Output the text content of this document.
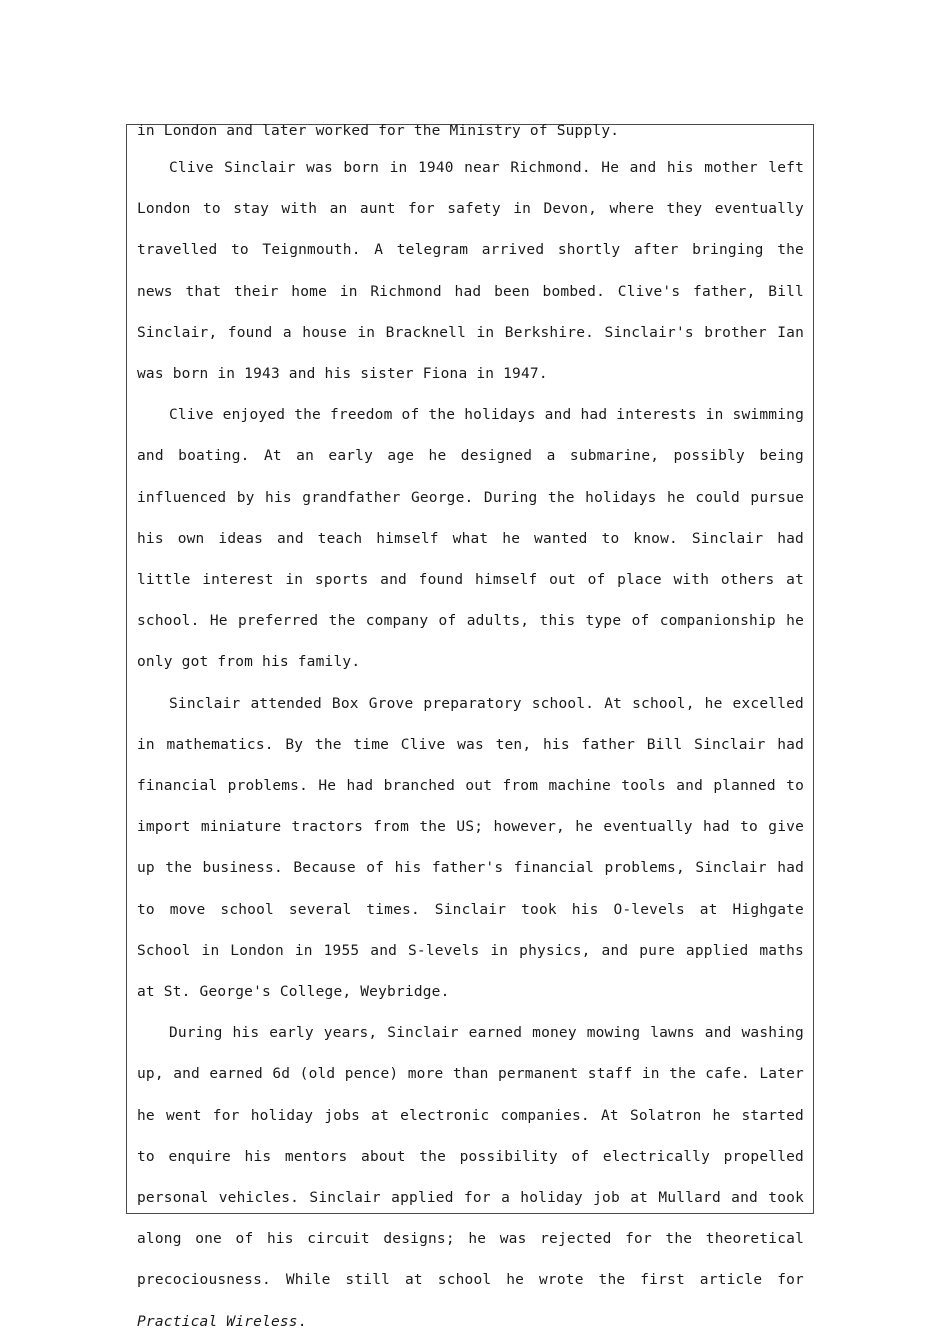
in London and later worked for the Ministry of Supply.

Clive Sinclair was born in 1940 near Richmond. He and his mother left London to stay with an aunt for safety in Devon, where they eventually travelled to Teignmouth. A telegram arrived shortly after bringing the news that their home in Richmond had been bombed. Clive's father, Bill Sinclair, found a house in Bracknell in Berkshire. Sinclair's brother Ian was born in 1943 and his sister Fiona in 1947.

Clive enjoyed the freedom of the holidays and had interests in swimming and boating. At an early age he designed a submarine, possibly being influenced by his grandfather George. During the holidays he could pursue his own ideas and teach himself what he wanted to know. Sinclair had little interest in sports and found himself out of place with others at school. He preferred the company of adults, this type of companionship he only got from his family.

Sinclair attended Box Grove preparatory school. At school, he excelled in mathematics. By the time Clive was ten, his father Bill Sinclair had financial problems. He had branched out from machine tools and planned to import miniature tractors from the US; however, he eventually had to give up the business. Because of his father's financial problems, Sinclair had to move school several times. Sinclair took his O-levels at Highgate School in London in 1955 and S-levels in physics, and pure applied maths at St. George's College, Weybridge.

During his early years, Sinclair earned money mowing lawns and washing up, and earned 6d (old pence) more than permanent staff in the cafe. Later he went for holiday jobs at electronic companies. At Solatron he started to enquire his mentors about the possibility of electrically propelled personal vehicles. Sinclair applied for a holiday job at Mullard and took along one of his circuit designs; he was rejected for the theoretical precociousness. While still at school he wrote the first article for Practical Wireless.
